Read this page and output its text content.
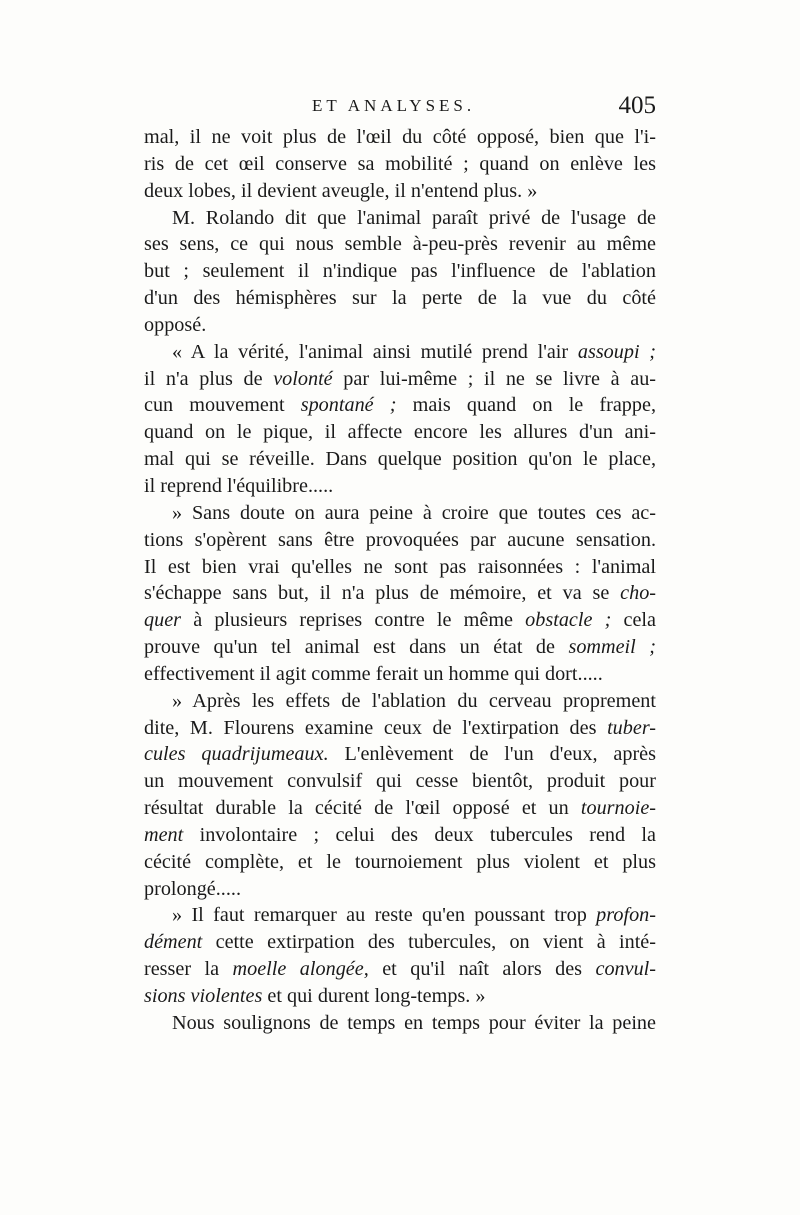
ET ANALYSES.	405
mal, il ne voit plus de l'œil du côté opposé, bien que l'i-
ris de cet œil conserve sa mobilité ; quand on enlève les
deux lobes, il devient aveugle, il n'entend plus. »
M. Rolando dit que l'animal paraît privé de l'usage de
ses sens, ce qui nous semble à-peu-près revenir au même
but ; seulement il n'indique pas l'influence de l'ablation
d'un des hémisphères sur la perte de la vue du côté
opposé.
« A la vérité, l'animal ainsi mutilé prend l'air assoupi ;
il n'a plus de volonté par lui-même ; il ne se livre à au-
cun mouvement spontané ; mais quand on le frappe,
quand on le pique, il affecte encore les allures d'un ani-
mal qui se réveille. Dans quelque position qu'on le place,
il reprend l'équilibre.....
» Sans doute on aura peine à croire que toutes ces ac-
tions s'opèrent sans être provoquées par aucune sensation.
Il est bien vrai qu'elles ne sont pas raisonnées : l'animal
s'échappe sans but, il n'a plus de mémoire, et va se cho-
quer à plusieurs reprises contre le même obstacle ; cela
prouve qu'un tel animal est dans un état de sommeil ;
effectivement il agit comme ferait un homme qui dort.....
» Après les effets de l'ablation du cerveau proprement
dite, M. Flourens examine ceux de l'extirpation des tuber-
cules quadrijumeaux. L'enlèvement de l'un d'eux, après
un mouvement convulsif qui cesse bientôt, produit pour
résultat durable la cécité de l'œil opposé et un tournoie-
ment involontaire ; celui des deux tubercules rend la
cécité complète, et le tournoiement plus violent et plus
prolongé.....
» Il faut remarquer au reste qu'en poussant trop profon-
dément cette extirpation des tubercules, on vient à inté-
resser la moelle alongée, et qu'il naît alors des convul-
sions violentes et qui durent long-temps. »
Nous soulignons de temps en temps pour éviter la peine
